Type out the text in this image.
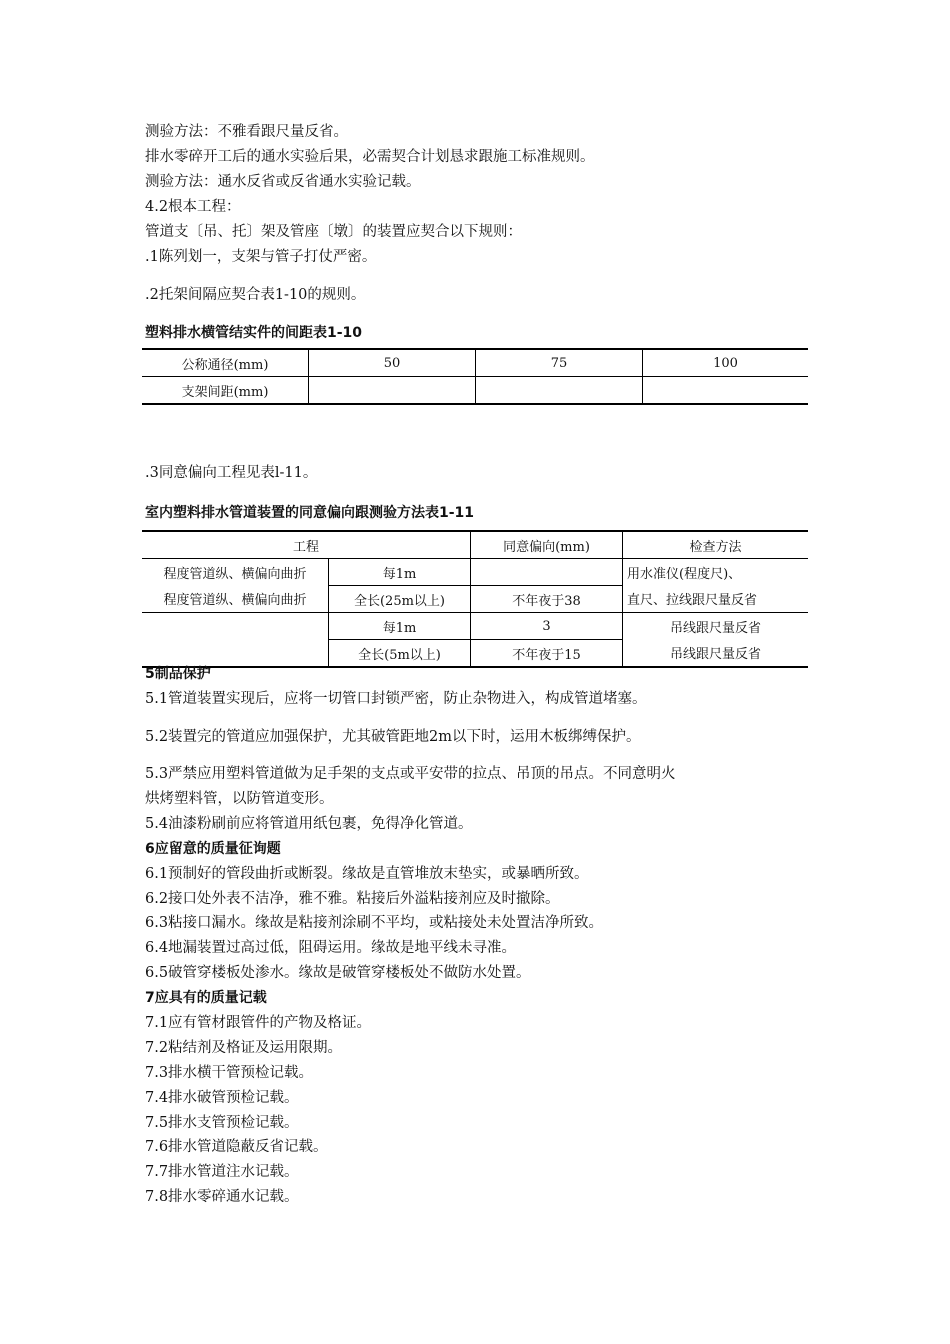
测验方法：不雅看跟尺量反省。
排水零碎开工后的通水实验后果，必需契合计划恳求跟施工标准规则。
测验方法：通水反省或反省通水实验记载。
4.2根本工程：
管道支〔吊、托〕架及管座〔墩〕的装置应契合以下规则：
.1陈列划一，支架与管子打仗严密。
.2托架间隔应契合表1-10的规则。
塑料排水横管结实件的间距表1-10
公称通径(mm)	50	75	100
支架间距(mm)			
.3同意偏向工程见表l-11。
室内塑料排水管道装置的同意偏向跟测验方法表1-11
工程		同意偏向(mm)	检查方法
程度管道纵、横偏向曲折	每1m		用水准仪(程度尺)、
程度管道纵、横偏向曲折	全长(25m以上)	不年夜于38	直尺、拉线跟尺量反省
	每1m	3	吊线跟尺量反省
	全长(5m以上)	不年夜于15	吊线跟尺量反省
5制品保护
5.1管道装置实现后，应将一切管口封锁严密，防止杂物进入，构成管道堵塞。
5.2装置完的管道应加强保护，尤其破管距地2m以下时，运用木板绑缚保护。
5.3严禁应用塑料管道做为足手架的支点或平安带的拉点、吊顶的吊点。不同意明火
烘烤塑料管，以防管道变形。
5.4油漆粉刷前应将管道用纸包裹，免得净化管道。
6应留意的质量征询题
6.1预制好的管段曲折或断裂。缘故是直管堆放末垫实，或暴晒所致。
6.2接口处外表不洁净，雅不雅。粘接后外溢粘接剂应及时撤除。
6.3粘接口漏水。缘故是粘接剂涂刷不平均，或粘接处未处置洁净所致。
6.4地漏装置过高过低，阻碍运用。缘故是地平线未寻准。
6.5破管穿楼板处渗水。缘故是破管穿楼板处不做防水处置。
7应具有的质量记载
7.1应有管材跟管件的产物及格证。
7.2粘结剂及格证及运用限期。
7.3排水横干管预检记载。
7.4排水破管预检记载。
7.5排水支管预检记载。
7.6排水管道隐蔽反省记载。
7.7排水管道注水记载。
7.8排水零碎通水记载。
